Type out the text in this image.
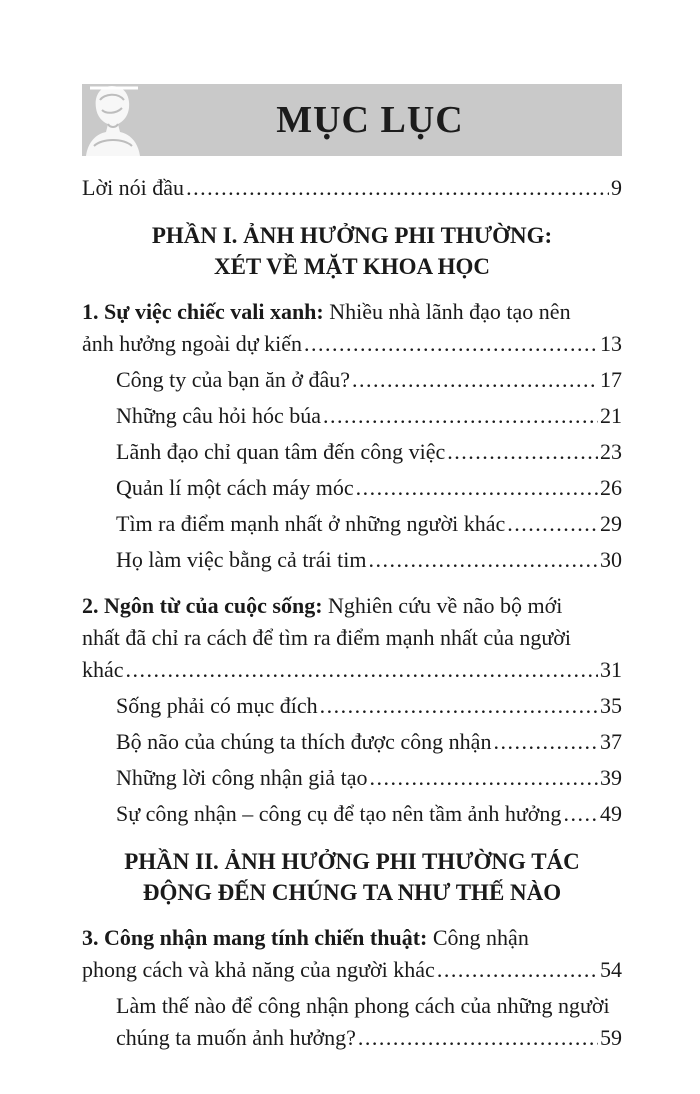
MỤC LỤC
Lời nói đầu .....	9
PHẦN I. ẢNH HƯỞNG PHI THƯỜNG:
XÉT VỀ MẶT KHOA HỌC
1. Sự việc chiếc vali xanh: Nhiều nhà lãnh đạo tạo nên
ảnh hưởng ngoài dự kiến .....	13
Công ty của bạn ăn ở đâu? .....	17
Những câu hỏi hóc búa .....	21
Lãnh đạo chỉ quan tâm đến công việc .....	23
Quản lí một cách máy móc .....	26
Tìm ra điểm mạnh nhất ở những người khác .....	29
Họ làm việc bằng cả trái tim .....	30
2. Ngôn từ của cuộc sống: Nghiên cứu về não bộ mới
nhất đã chỉ ra cách để tìm ra điểm mạnh nhất của người
khác .....	31
Sống phải có mục đích .....	35
Bộ não của chúng ta thích được công nhận .....	37
Những lời công nhận giả tạo .....	39
Sự công nhận – công cụ để tạo nên tầm ảnh hưởng ..... 49
PHẦN II. ẢNH HƯỞNG PHI THƯỜNG TÁC
ĐỘNG ĐẾN CHÚNG TA NHƯ THẾ NÀO
3. Công nhận mang tính chiến thuật: Công nhận
phong cách và khả năng của người khác .....	54
Làm thế nào để công nhận phong cách của những người
chúng ta muốn ảnh hưởng? .....	59
